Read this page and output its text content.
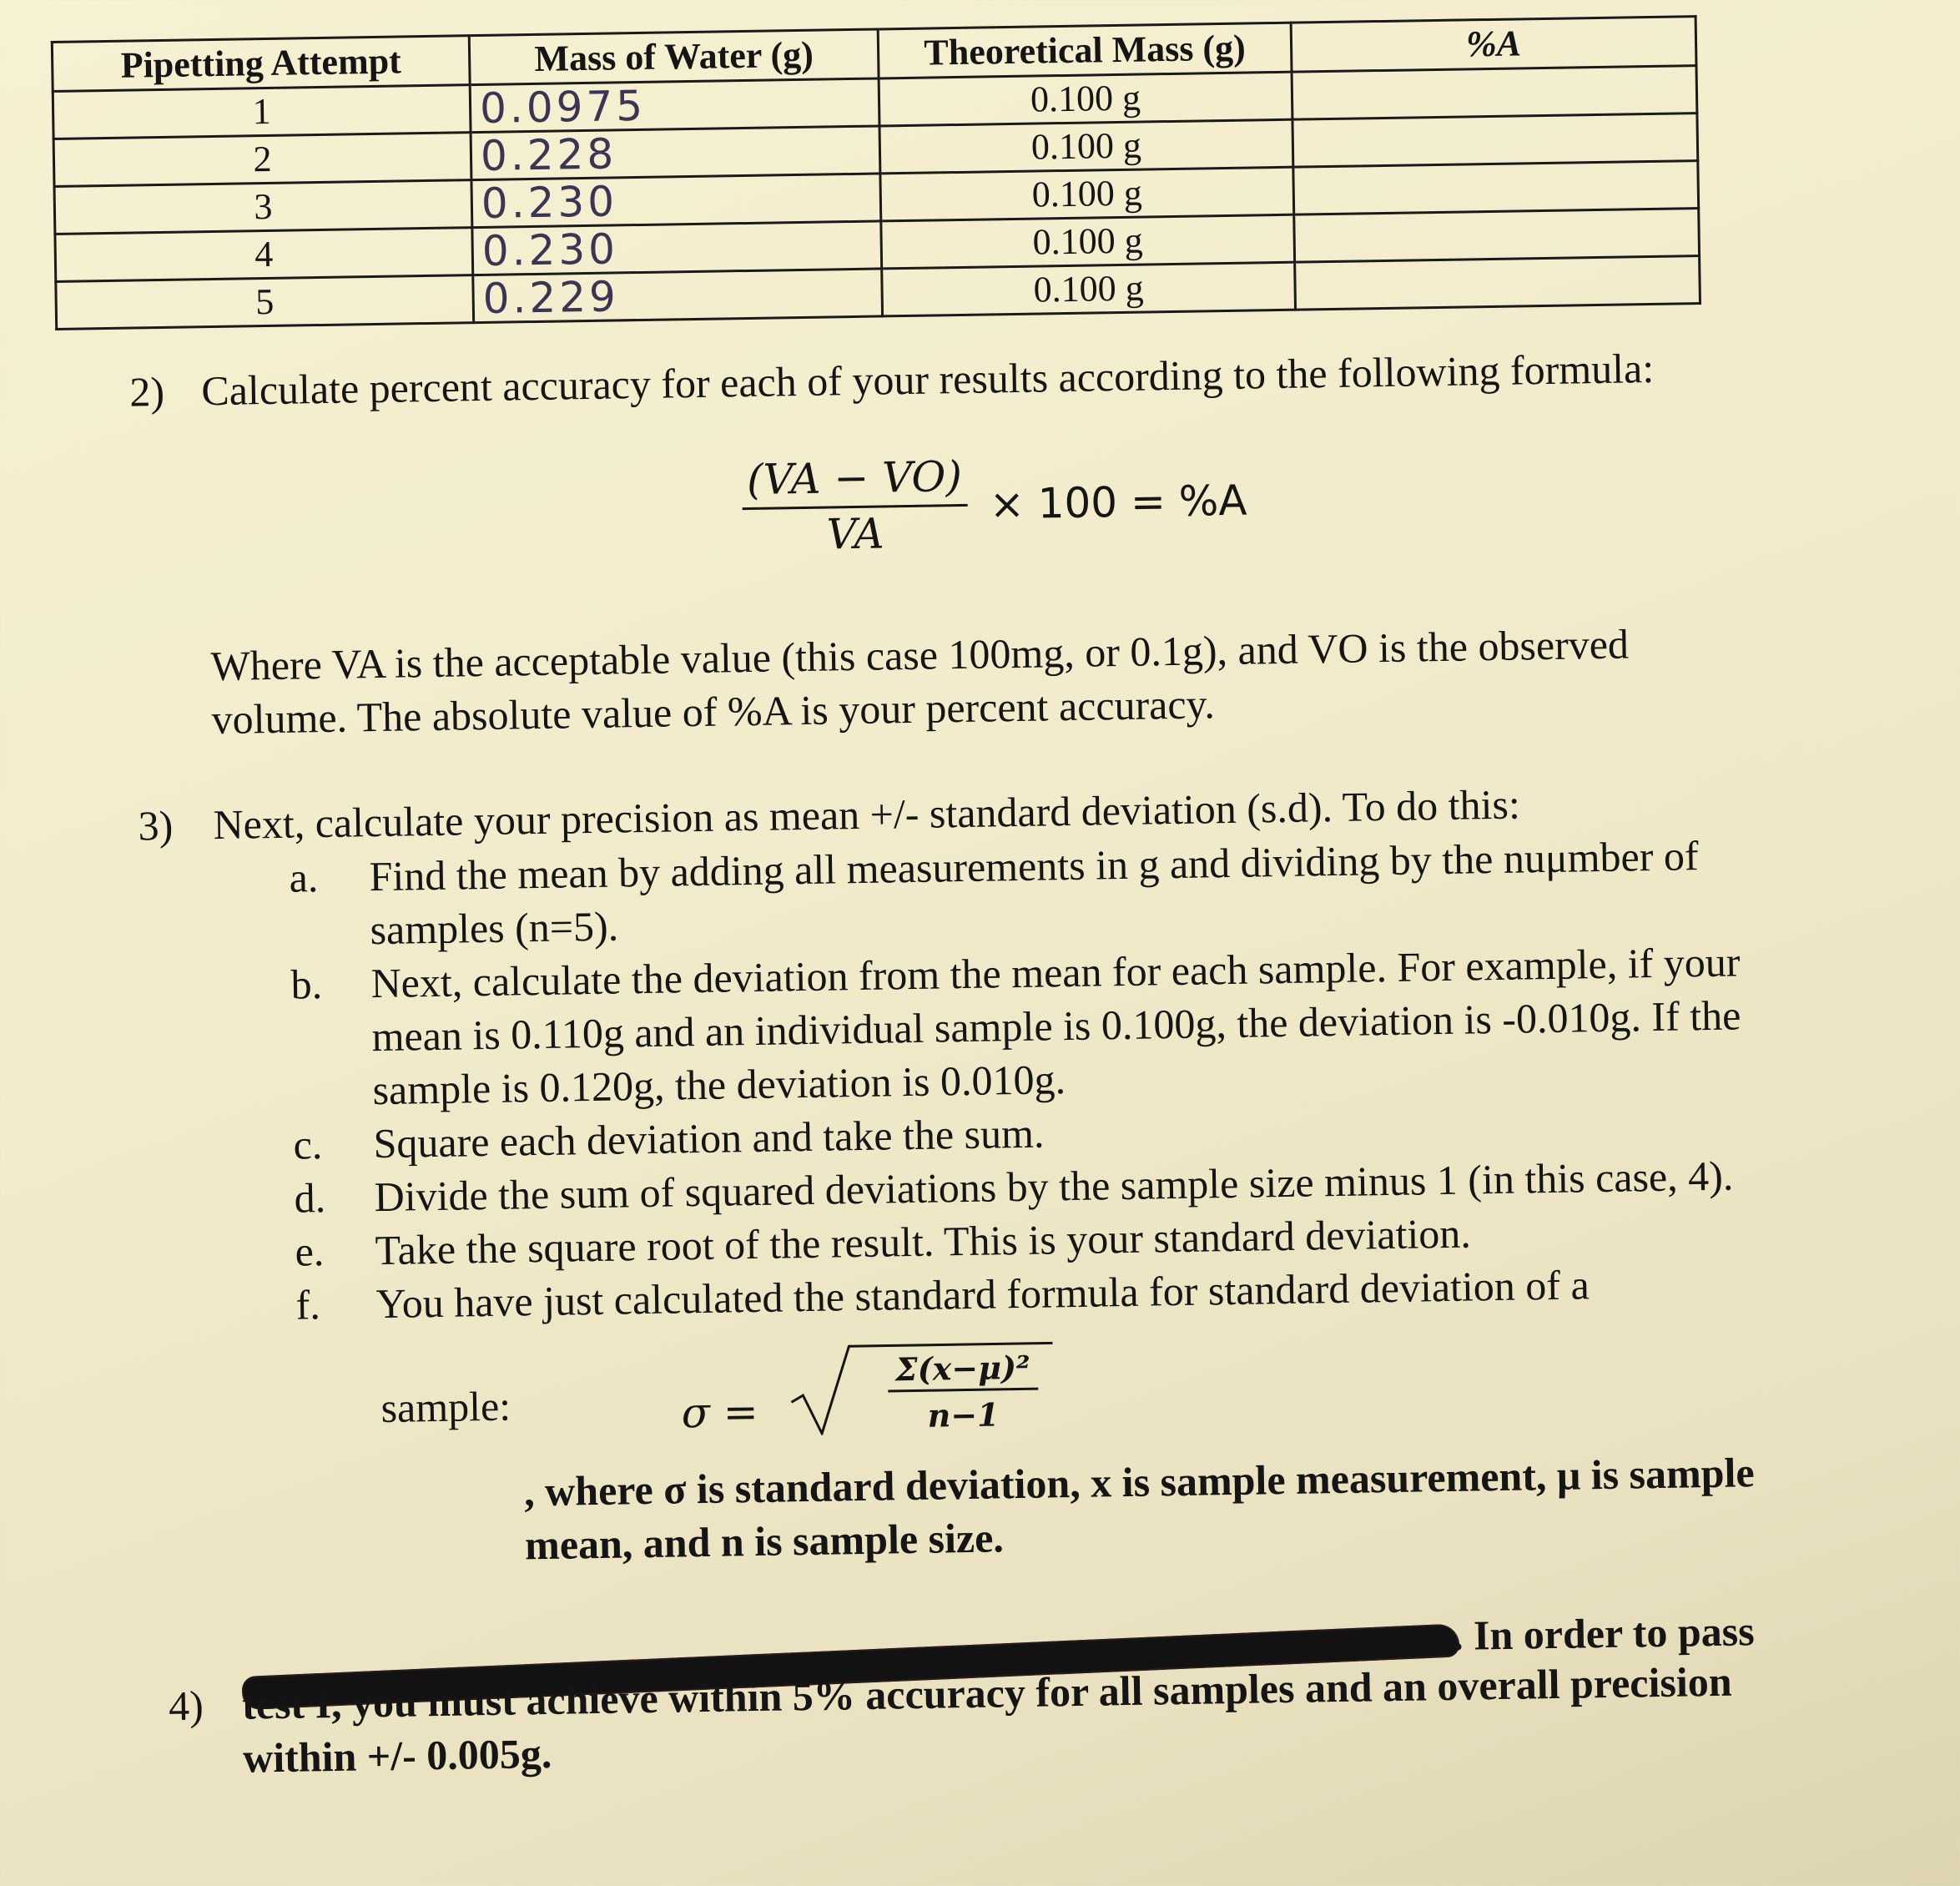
Pipetting Attempt	Mass of Water (g)	Theoretical Mass (g)	%A
1	0.0975	0.100 g	
2	0.228	0.100 g	
3	0.230	0.100 g	
4	0.230	0.100 g	
5	0.229	0.100 g	
2) Calculate percent accuracy for each of your results according to the following formula:
$\frac{(VA - VO)}{VA} \times 100 = \%A$
Where VA is the acceptable value (this case 100mg, or 0.1g), and VO is the observed volume. The absolute value of %A is your percent accuracy.
3) Next, calculate your precision as mean +/- standard deviation (s.d). To do this:
a. Find the mean by adding all measurements in g and dividing by the nuμmber of samples (n=5).
b. Next, calculate the deviation from the mean for each sample. For example, if your mean is 0.110g and an individual sample is 0.100g, the deviation is -0.010g. If the sample is 0.120g, the deviation is 0.010g.
c. Square each deviation and take the sum.
d. Divide the sum of squared deviations by the sample size minus 1 (in this case, 4).
e. Take the square root of the result. This is your standard deviation.
f. You have just calculated the standard formula for standard deviation of a
sample:	σ =	$\frac{\text{Σ(x−μ)²}}{n-1}$
, where σ is standard deviation, x is sample measurement, μ is sample mean, and n is sample size.
4)
. In order to pass
test I, you must achieve within 5% accuracy for all samples and an overall precision
within +/- 0.005g.
